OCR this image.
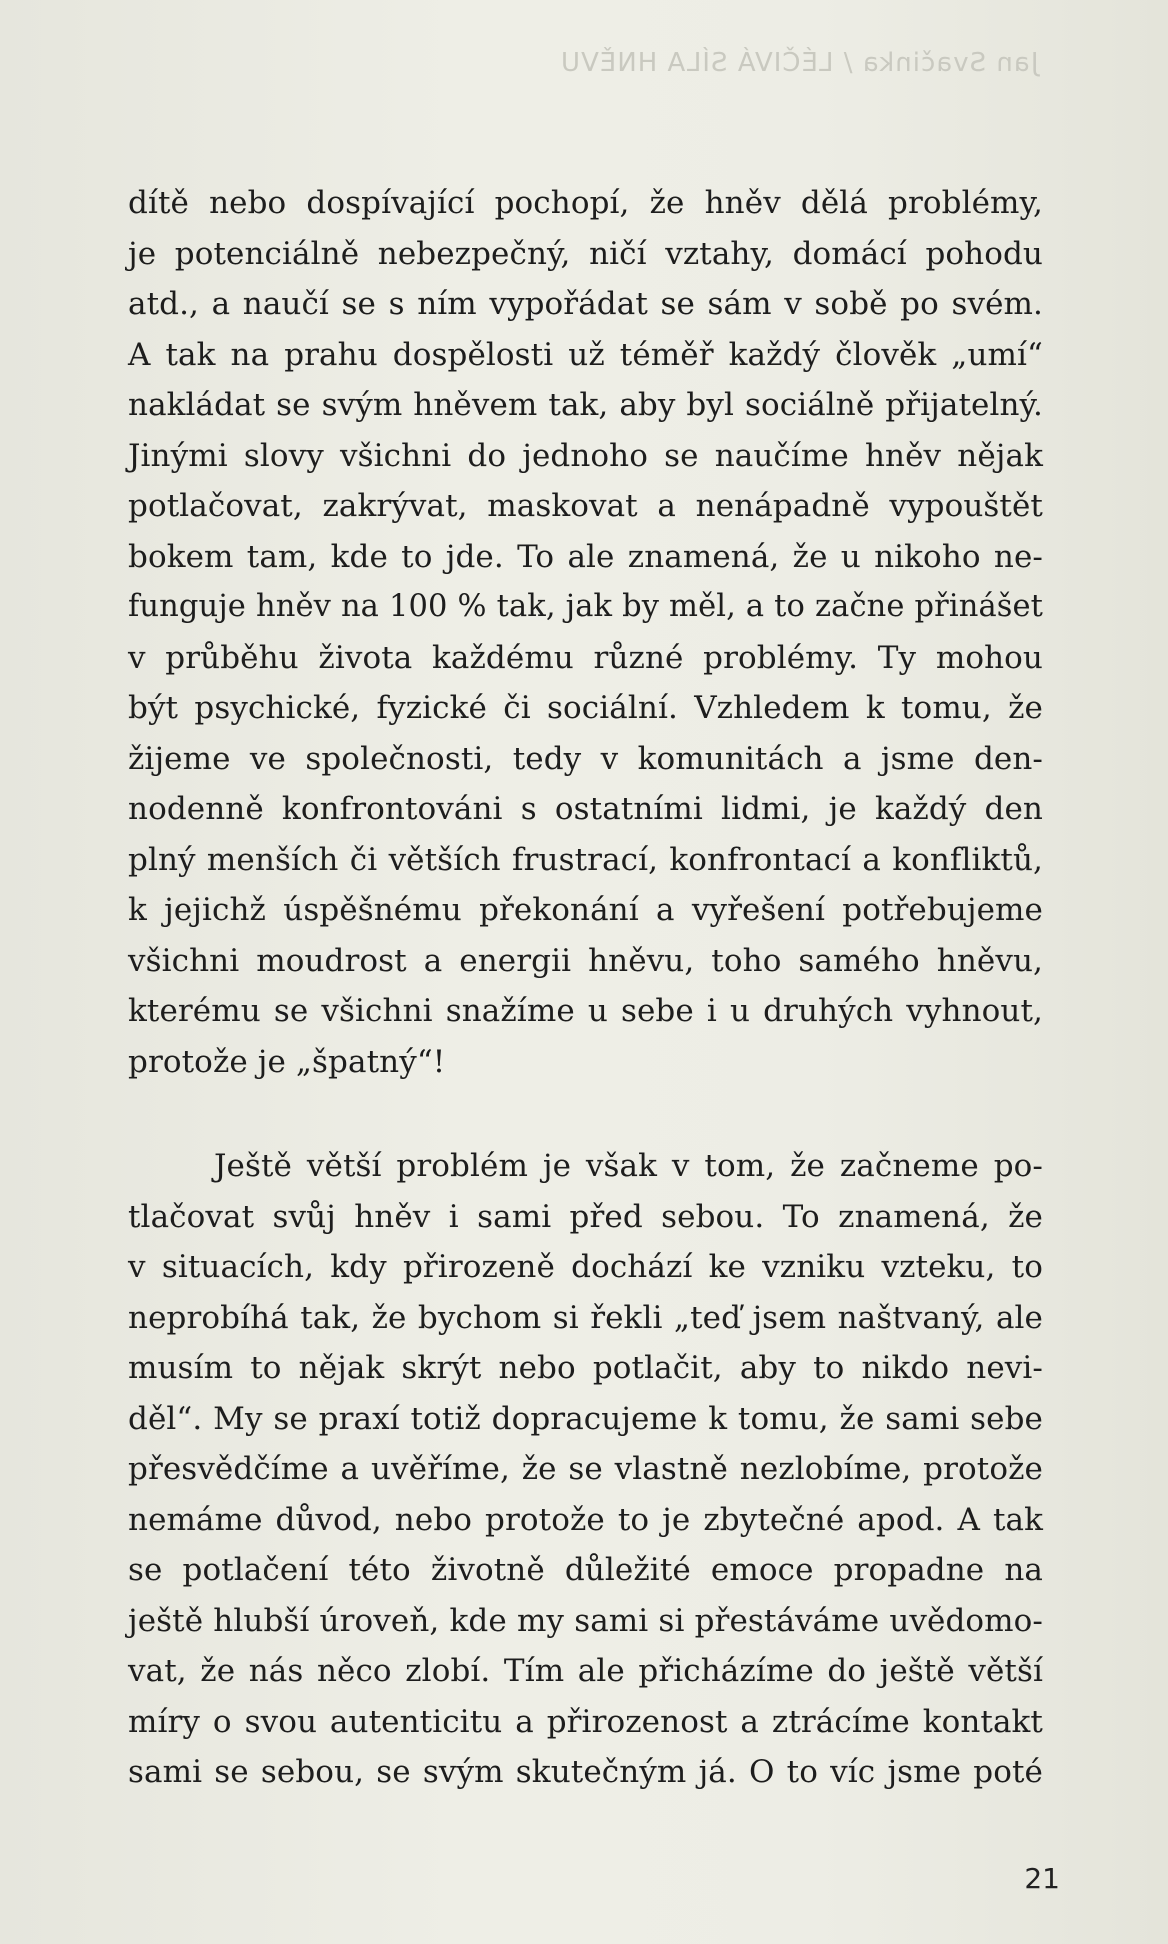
Jan Svačinka / LÉČIVÁ SÍLA HNĚVU
dítě nebo dospívající pochopí, že hněv dělá problémy,
je potenciálně nebezpečný, ničí vztahy, domácí pohodu
atd., a naučí se s ním vypořádat se sám v sobě po svém.
A tak na prahu dospělosti už téměř každý člověk „umí“
nakládat se svým hněvem tak, aby byl sociálně přijatelný.
Jinými slovy všichni do jednoho se naučíme hněv nějak
potlačovat, zakrývat, maskovat a nenápadně vypouštět
bokem tam, kde to jde. To ale znamená, že u nikoho ne-
funguje hněv na 100 % tak, jak by měl, a to začne přinášet
v průběhu života každému různé problémy. Ty mohou
být psychické, fyzické či sociální. Vzhledem k tomu, že
žijeme ve společnosti, tedy v komunitách a jsme den-
nodenně konfrontováni s ostatními lidmi, je každý den
plný menších či větších frustrací, konfrontací a konfliktů,
k jejichž úspěšnému překonání a vyřešení potřebujeme
všichni moudrost a energii hněvu, toho samého hněvu,
kterému se všichni snažíme u sebe i u druhých vyhnout,
protože je „špatný“!
Ještě větší problém je však v tom, že začneme po-
tlačovat svůj hněv i sami před sebou. To znamená, že
v situacích, kdy přirozeně dochází ke vzniku vzteku, to
neprobíhá tak, že bychom si řekli „teď jsem naštvaný, ale
musím to nějak skrýt nebo potlačit, aby to nikdo nevi-
děl“. My se praxí totiž dopracujeme k tomu, že sami sebe
přesvědčíme a uvěříme, že se vlastně nezlobíme, protože
nemáme důvod, nebo protože to je zbytečné apod. A tak
se potlačení této životně důležité emoce propadne na
ještě hlubší úroveň, kde my sami si přestáváme uvědomo-
vat, že nás něco zlobí. Tím ale přicházíme do ještě větší
míry o svou autenticitu a přirozenost a ztrácíme kontakt
sami se sebou, se svým skutečným já. O to víc jsme poté
21
